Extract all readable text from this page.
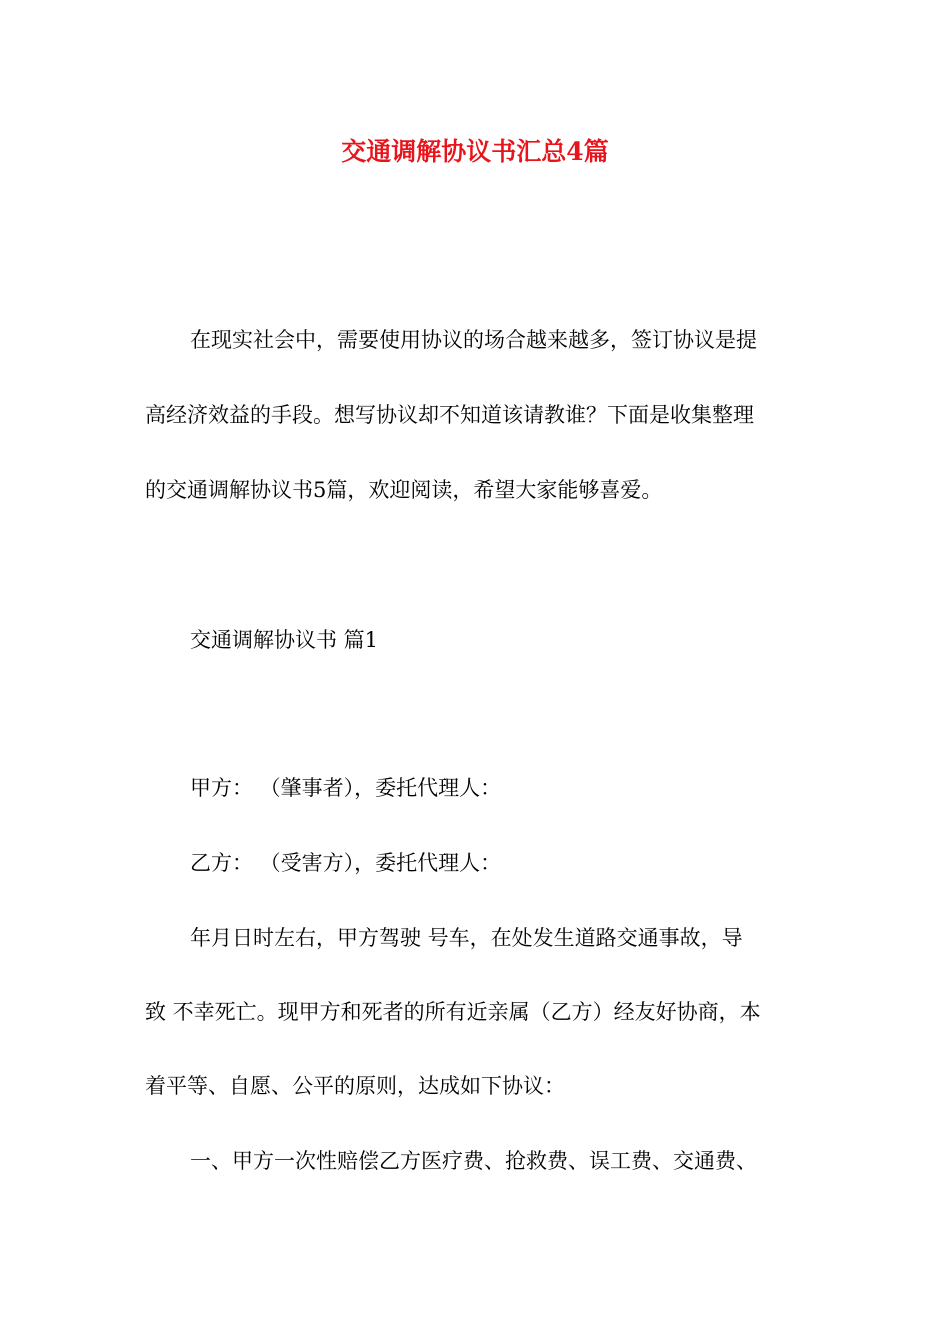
交通调解协议书汇总4篇
在现实社会中，需要使用协议的场合越来越多，签订协议是提
高经济效益的手段。想写协议却不知道该请教谁？下面是收集整理
的交通调解协议书5篇，欢迎阅读，希望大家能够喜爱。
交通调解协议书 篇1
甲方： （肇事者），委托代理人：
乙方： （受害方），委托代理人：
年月日时左右，甲方驾驶 号车，在处发生道路交通事故，导
致 不幸死亡。现甲方和死者的所有近亲属（乙方）经友好协商，本
着平等、自愿、公平的原则，达成如下协议：
一、甲方一次性赔偿乙方医疗费、抢救费、误工费、交通费、
